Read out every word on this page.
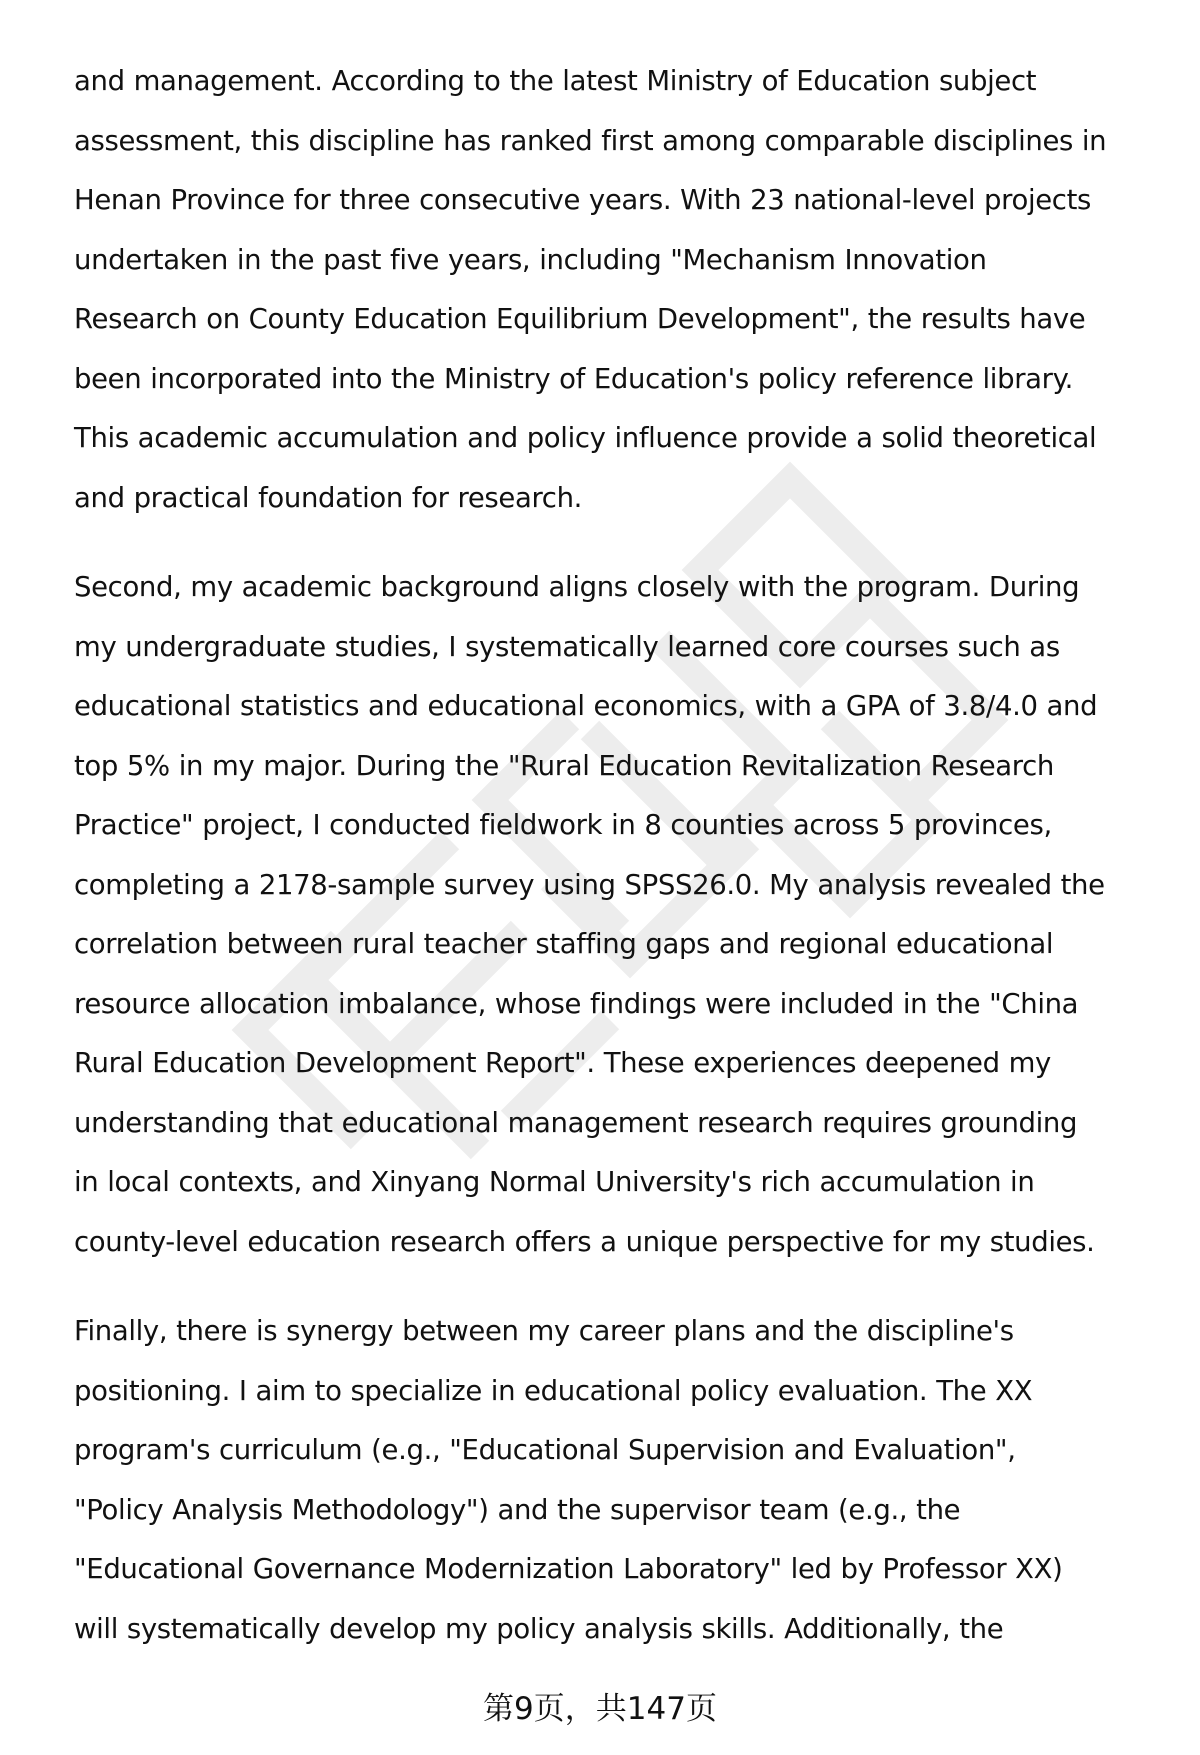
and management. According to the latest Ministry of Education subject
assessment, this discipline has ranked first among comparable disciplines in
Henan Province for three consecutive years. With 23 national-level projects
undertaken in the past five years, including "Mechanism Innovation
Research on County Education Equilibrium Development", the results have
been incorporated into the Ministry of Education's policy reference library.
This academic accumulation and policy influence provide a solid theoretical
and practical foundation for research.
Second, my academic background aligns closely with the program. During
my undergraduate studies, I systematically learned core courses such as
educational statistics and educational economics, with a GPA of 3.8/4.0 and
top 5% in my major. During the "Rural Education Revitalization Research
Practice" project, I conducted fieldwork in 8 counties across 5 provinces,
completing a 2178-sample survey using SPSS26.0. My analysis revealed the
correlation between rural teacher staffing gaps and regional educational
resource allocation imbalance, whose findings were included in the "China
Rural Education Development Report". These experiences deepened my
understanding that educational management research requires grounding
in local contexts, and Xinyang Normal University's rich accumulation in
county-level education research offers a unique perspective for my studies.
Finally, there is synergy between my career plans and the discipline's
positioning. I aim to specialize in educational policy evaluation. The XX
program's curriculum (e.g., "Educational Supervision and Evaluation",
"Policy Analysis Methodology") and the supervisor team (e.g., the
"Educational Governance Modernization Laboratory" led by Professor XX)
will systematically develop my policy analysis skills. Additionally, the
第9页，共147页
